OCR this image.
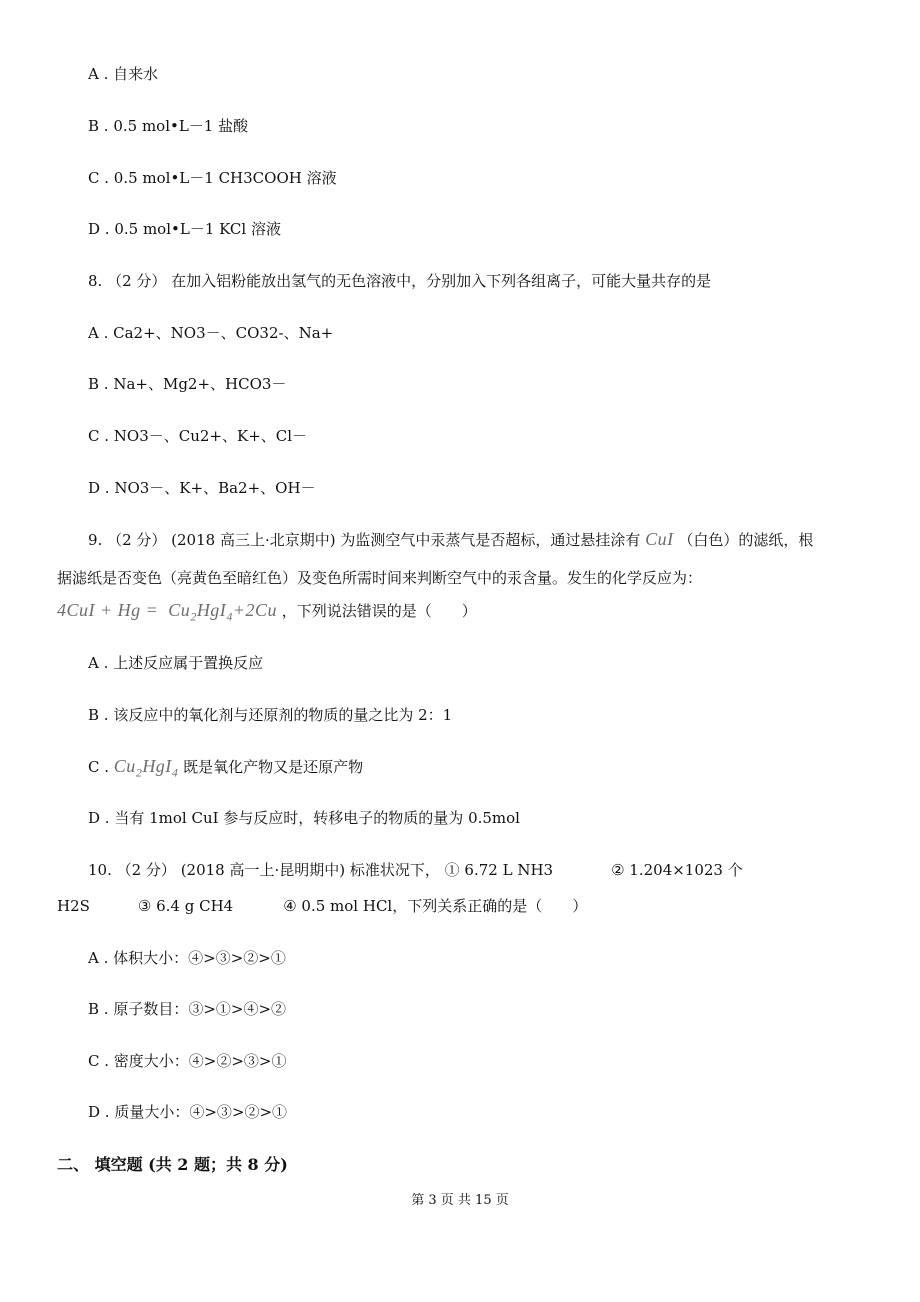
A . 自来水
B . 0.5 mol•L－1 盐酸
C . 0.5 mol•L－1 CH3COOH 溶液
D . 0.5 mol•L－1 KCl 溶液
8. （2 分） 在加入铝粉能放出氢气的无色溶液中，分别加入下列各组离子，可能大量共存的是
A . Ca2+、NO3－、CO32-、Na+
B . Na+、Mg2+、HCO3－
C . NO3－、Cu2+、K+、Cl－
D . NO3－、K+、Ba2+、OH－
9. （2 分） (2018 高三上·北京期中) 为监测空气中汞蒸气是否超标，通过悬挂涂有 CuI （白色）的滤纸，根
据滤纸是否变色（亮黄色至暗红色）及变色所需时间来判断空气中的汞含量。发生的化学反应为：
$4CuI + Hg = Cu_2HgI_4+2Cu$ ，下列说法错误的是（　　）
A . 上述反应属于置换反应
B . 该反应中的氧化剂与还原剂的物质的量之比为 2：1
C . $Cu_2HgI_4$ 既是氧化产物又是还原产物
D . 当有 1mol CuI 参与反应时，转移电子的物质的量为 0.5mol
10. （2 分） (2018 高一上·昆明期中) 标准状况下， ① 6.72 L NH3	② 1.204×1023 个
H2S	③ 6.4 g CH4	④ 0.5 mol HCl，下列关系正确的是（　　）
A . 体积大小：④>③>②>①
B . 原子数目：③>①>④>②
C . 密度大小：④>②>③>①
D . 质量大小：④>③>②>①
二、 填空题 (共 2 题；共 8 分)
第 3 页 共 15 页
